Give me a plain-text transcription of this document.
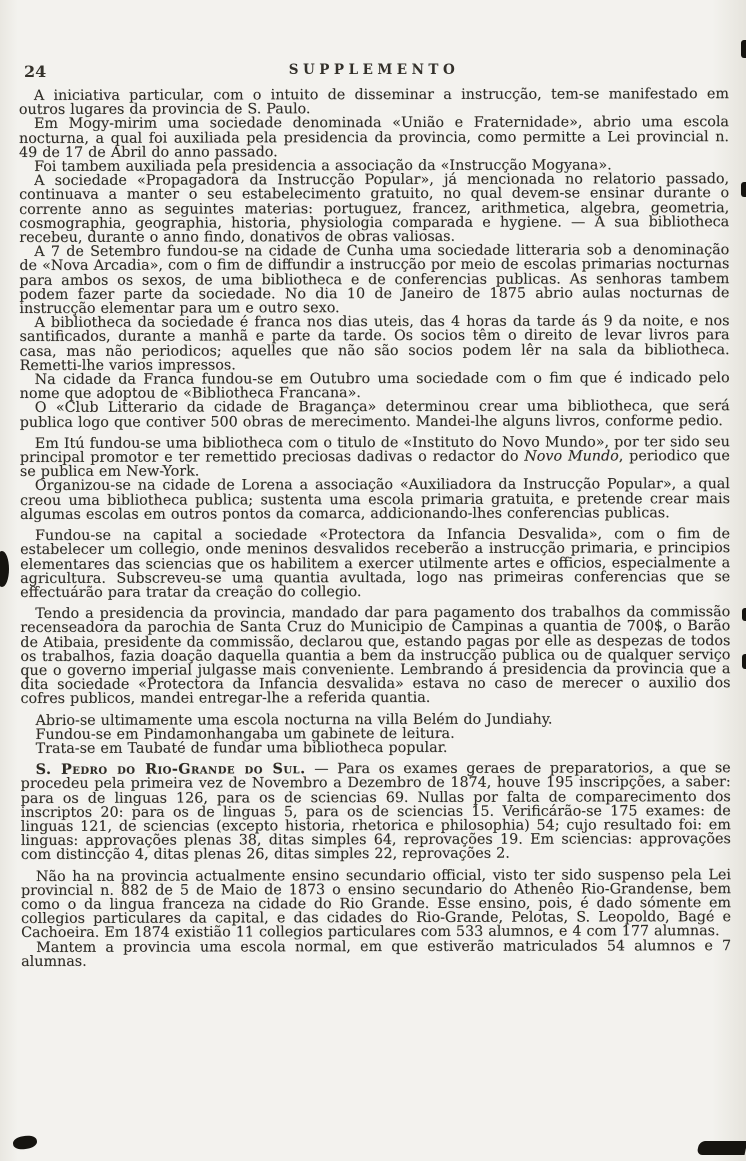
24	SUPPLEMENTO

A iniciativa particular, com o intuito de disseminar a instrucção, tem-se manifestado em outros lugares da provincia de S. Paulo.

Em Mogy-mirim uma sociedade denominada «União e Fraternidade», abrio uma escola nocturna, a qual foi auxiliada pela presidencia da provincia, como permitte a Lei provincial n. 49 de 17 de Abril do anno passado.

Foi tambem auxiliada pela presidencia a associação da «Instrucção Mogyana».

A sociedade «Propagadora da Instrucção Popular», já mencionada no relatorio passado, continuava a manter o seu estabelecimento gratuito, no qual devem-se ensinar durante o corrente anno as seguintes materias: portuguez, francez, arithmetica, algebra, geometria, cosmographia, geographia, historia, physiologia comparada e hygiene. — A sua bibliotheca recebeu, durante o anno findo, donativos de obras valiosas.

A 7 de Setembro fundou-se na cidade de Cunha uma sociedade litteraria sob a denominação de «Nova Arcadia», com o fim de diffundir a instrucção por meio de escolas primarias nocturnas para ambos os sexos, de uma bibliotheca e de conferencias publicas. As senhoras tambem podem fazer parte da sociedade. No dia 10 de Janeiro de 1875 abrio aulas nocturnas de instrucção elementar para um e outro sexo.

A bibliotheca da sociedade é franca nos dias uteis, das 4 horas da tarde ás 9 da noite, e nos santificados, durante a manhã e parte da tarde. Os socios têm o direito de levar livros para casa, mas não periodicos; aquelles que não são socios podem lêr na sala da bibliotheca. Remetti-lhe varios impressos.

Na cidade da Franca fundou-se em Outubro uma sociedade com o fim que é indicado pelo nome que adoptou de «Bibliotheca Francana».

O «Club Litterario da cidade de Bragança» determinou crear uma bibliotheca, que será publica logo que contiver 500 obras de merecimento. Mandei-lhe alguns livros, conforme pedio.

Em Itú fundou-se uma bibliotheca com o titulo de «Instituto do Novo Mundo», por ter sido seu principal promotor e ter remettido preciosas dadivas o redactor do Novo Mundo, periodico que se publica em New-York.

Organizou-se na cidade de Lorena a associação «Auxiliadora da Instrucção Popular», a qual creou uma bibliotheca publica; sustenta uma escola primaria gratuita, e pretende crear mais algumas escolas em outros pontos da comarca, addicionando-lhes conferencias publicas.

Fundou-se na capital a sociedade «Protectora da Infancia Desvalida», com o fim de estabelecer um collegio, onde meninos desvalidos receberão a instrucção primaria, e principios elementares das sciencias que os habilitem a exercer utilmente artes e officios, especialmente a agricultura. Subscreveu-se uma quantia avultada, logo nas primeiras conferencias que se effectuárão para tratar da creação do collegio.

Tendo a presidencia da provincia, mandado dar para pagamento dos trabalhos da commissão recenseadora da parochia de Santa Cruz do Municipio de Campinas a quantia de 700$, o Barão de Atibaia, presidente da commissão, declarou que, estando pagas por elle as despezas de todos os trabalhos, fazia doação daquella quantia a bem da instrucção publica ou de qualquer serviço que o governo imperial julgasse mais conveniente. Lembrando á presidencia da provincia que a dita sociedade «Protectora da Infancia desvalida» estava no caso de merecer o auxilio dos cofres publicos, mandei entregar-lhe a referida quantia.

Abrio-se ultimamente uma escola nocturna na villa Belém do Jundiahy.

Fundou-se em Pindamonhangaba um gabinete de leitura.

Trata-se em Taubaté de fundar uma bibliotheca popular.

S. Pedro do Rio-Grande do Sul. — Para os exames geraes de preparatorios, a que se procedeu pela primeira vez de Novembro a Dezembro de 1874, houve 195 inscripções, a saber: para os de linguas 126, para os de sciencias 69. Nullas por falta de comparecimento dos inscriptos 20: para os de linguas 5, para os de sciencias 15. Verificárão-se 175 exames: de linguas 121, de sciencias (excepto historia, rhetorica e philosophia) 54; cujo resultado foi: em linguas: approvações plenas 38, ditas simples 64, reprovações 19. Em sciencias: approvações com distincção 4, ditas plenas 26, ditas simples 22, reprovações 2.

Não ha na provincia actualmente ensino secundario official, visto ter sido suspenso pela Lei provincial n. 882 de 5 de Maio de 1873 o ensino secundario do Athenêo Rio-Grandense, bem como o da lingua franceza na cidade do Rio Grande. Esse ensino, pois, é dado sómente em collegios particulares da capital, e das cidades do Rio-Grande, Pelotas, S. Leopoldo, Bagé e Cachoeira. Em 1874 existião 11 collegios particulares com 533 alumnos, e 4 com 177 alumnas.

Mantem a provincia uma escola normal, em que estiverão matriculados 54 alumnos e 7 alumnas.
